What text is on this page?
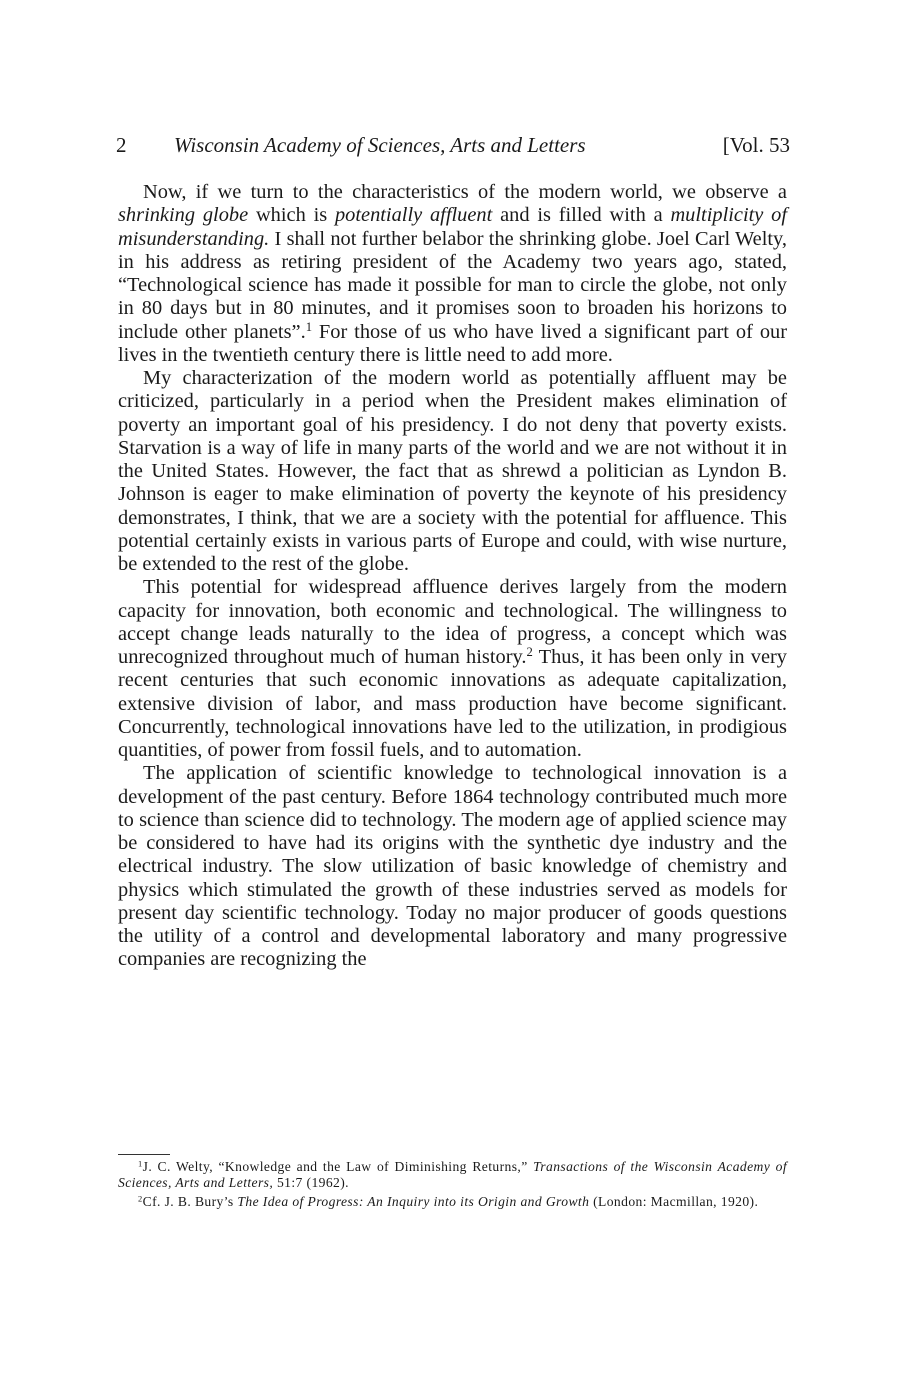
2 Wisconsin Academy of Sciences, Arts and Letters	[Vol. 53

Now, if we turn to the characteristics of the modern world, we observe a shrinking globe which is potentially affluent and is filled with a multiplicity of misunderstanding. I shall not further belabor the shrinking globe. Joel Carl Welty, in his address as retiring president of the Academy two years ago, stated, “Technological science has made it possible for man to circle the globe, not only in 80 days but in 80 minutes, and it promises soon to broaden his horizons to include other planets”.$^1$ For those of us who have lived a significant part of our lives in the twentieth century there is little need to add more.

My characterization of the modern world as potentially affluent may be criticized, particularly in a period when the President makes elimination of poverty an important goal of his presidency. I do not deny that poverty exists. Starvation is a way of life in many parts of the world and we are not without it in the United States. However, the fact that as shrewd a politician as Lyndon B. Johnson is eager to make elimination of poverty the keynote of his presidency demonstrates, I think, that we are a society with the potential for affluence. This potential certainly exists in various parts of Europe and could, with wise nurture, be extended to the rest of the globe.

This potential for widespread affluence derives largely from the modern capacity for innovation, both economic and technological. The willingness to accept change leads naturally to the idea of progress, a concept which was unrecognized throughout much of human history.$^2$ Thus, it has been only in very recent centuries that such economic innovations as adequate capitalization, extensive division of labor, and mass production have become significant. Concurrently, technological innovations have led to the utilization, in prodigious quantities, of power from fossil fuels, and to automation.

The application of scientific knowledge to technological innovation is a development of the past century. Before 1864 technology contributed much more to science than science did to technology. The modern age of applied science may be considered to have had its origins with the synthetic dye industry and the electrical industry. The slow utilization of basic knowledge of chemistry and physics which stimulated the growth of these industries served as models for present day scientific technology. Today no major producer of goods questions the utility of a control and developmental laboratory and many progressive companies are recognizing the

$^1$J. C. Welty, “Knowledge and the Law of Diminishing Returns,” Transactions of the Wisconsin Academy of Sciences, Arts and Letters, 51:7 (1962).

$^2$Cf. J. B. Bury’s The Idea of Progress: An Inquiry into its Origin and Growth (London: Macmillan, 1920).
